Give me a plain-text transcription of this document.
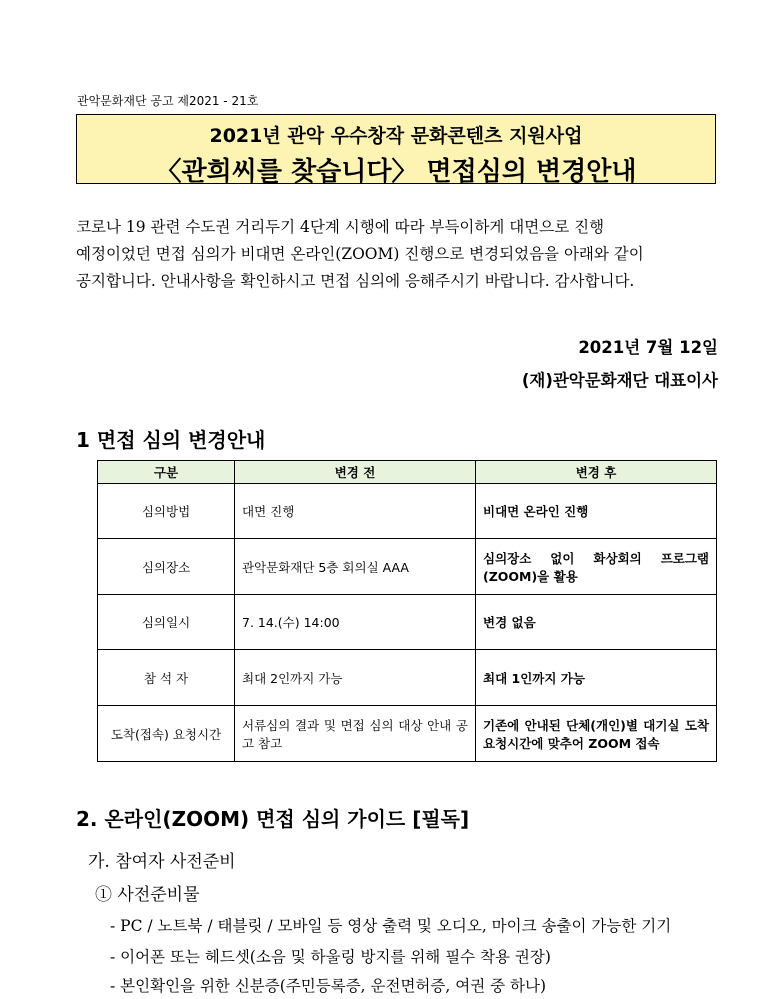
관악문화재단 공고 제2021 - 21호
2021년 관악 우수창작 문화콘텐츠 지원사업
〈관희씨를 찾습니다〉 면접심의 변경안내
코로나 19 관련 수도권 거리두기 4단계 시행에 따라 부득이하게 대면으로 진행
예정이었던 면접 심의가 비대면 온라인(ZOOM) 진행으로 변경되었음을 아래와 같이
공지합니다. 안내사항을 확인하시고 면접 심의에 응해주시기 바랍니다. 감사합니다.
2021년 7월 12일
(재)관악문화재단 대표이사
1 면접 심의 변경안내
구분	변경 전	변경 후
심의방법	대면 진행	비대면 온라인 진행
심의장소	관악문화재단 5층 회의실 AAA	심의장소 없이 화상회의 프로그램 (ZOOM)을 활용
심의일시	7. 14.(수) 14:00	변경 없음
참 석 자	최대 2인까지 가능	최대 1인까지 가능
도착(접속) 요청시간	서류심의 결과 및 면접 심의 대상 안내 공고 참고	기존에 안내된 단체(개인)별 대기실 도착 요청시간에 맞추어 ZOOM 접속
2. 온라인(ZOOM) 면접 심의 가이드 [필독]
가. 참여자 사전준비
① 사전준비물
- PC / 노트북 / 태블릿 / 모바일 등 영상 출력 및 오디오, 마이크 송출이 가능한 기기
- 이어폰 또는 헤드셋(소음 및 하울링 방지를 위해 필수 착용 권장)
- 본인확인을 위한 신분증(주민등록증, 운전면허증, 여권 중 하나)
